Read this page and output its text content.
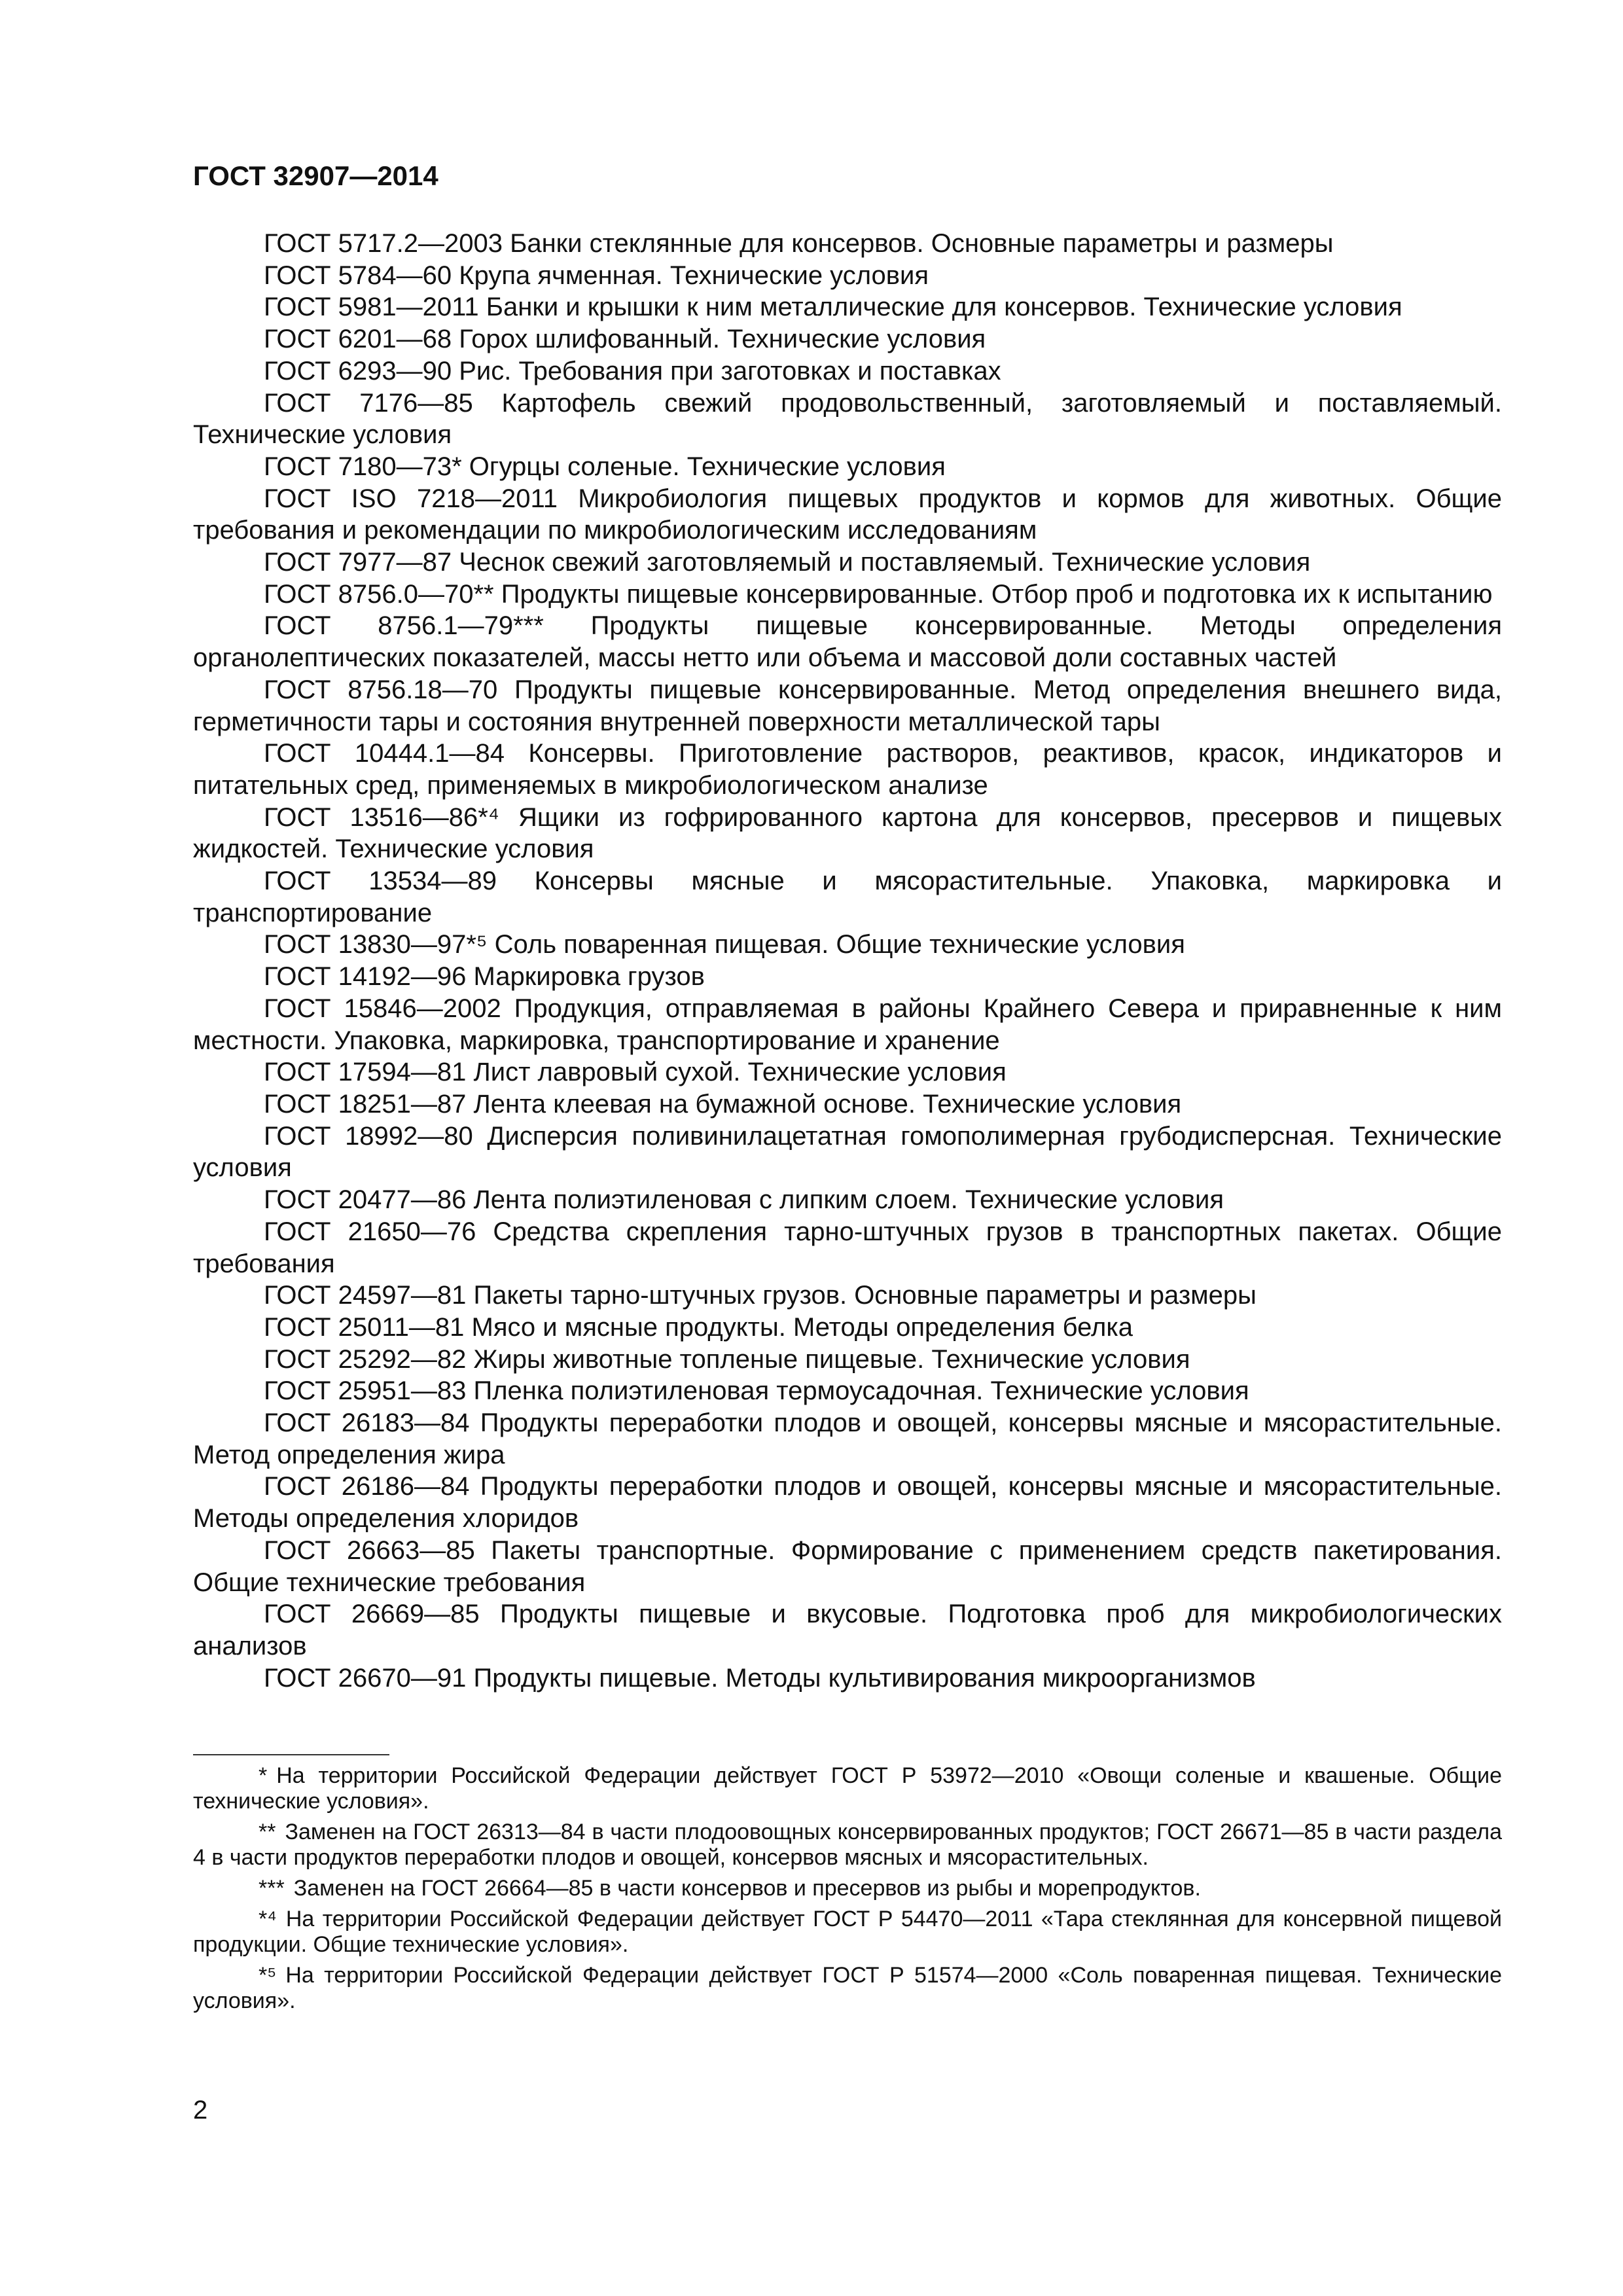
ГОСТ 32907—2014

ГОСТ 5717.2—2003 Банки стеклянные для консервов. Основные параметры и размеры

ГОСТ 5784—60 Крупа ячменная. Технические условия

ГОСТ 5981—2011 Банки и крышки к ним металлические для консервов. Технические условия

ГОСТ 6201—68 Горох шлифованный. Технические условия

ГОСТ 6293—90 Рис. Требования при заготовках и поставках

ГОСТ 7176—85 Картофель свежий продовольственный, заготовляемый и поставляемый. Технические условия

ГОСТ 7180—73* Огурцы соленые. Технические условия

ГОСТ ISO 7218—2011 Микробиология пищевых продуктов и кормов для животных. Общие требования и рекомендации по микробиологическим исследованиям

ГОСТ 7977—87 Чеснок свежий заготовляемый и поставляемый. Технические условия

ГОСТ 8756.0—70** Продукты пищевые консервированные. Отбор проб и подготовка их к испытанию

ГОСТ 8756.1—79*** Продукты пищевые консервированные. Методы определения органолептических показателей, массы нетто или объема и массовой доли составных частей

ГОСТ 8756.18—70 Продукты пищевые консервированные. Метод определения внешнего вида, герметичности тары и состояния внутренней поверхности металлической тары

ГОСТ 10444.1—84 Консервы. Приготовление растворов, реактивов, красок, индикаторов и питательных сред, применяемых в микробиологическом анализе

ГОСТ 13516—86*⁴ Ящики из гофрированного картона для консервов, пресервов и пищевых жидкостей. Технические условия

ГОСТ 13534—89 Консервы мясные и мясорастительные. Упаковка, маркировка и транспортирование

ГОСТ 13830—97*⁵ Соль поваренная пищевая. Общие технические условия

ГОСТ 14192—96 Маркировка грузов

ГОСТ 15846—2002 Продукция, отправляемая в районы Крайнего Севера и приравненные к ним местности. Упаковка, маркировка, транспортирование и хранение

ГОСТ 17594—81 Лист лавровый сухой. Технические условия

ГОСТ 18251—87 Лента клеевая на бумажной основе. Технические условия

ГОСТ 18992—80 Дисперсия поливинилацетатная гомополимерная грубодисперсная. Технические условия

ГОСТ 20477—86 Лента полиэтиленовая с липким слоем. Технические условия

ГОСТ 21650—76 Средства скрепления тарно-штучных грузов в транспортных пакетах. Общие требования

ГОСТ 24597—81 Пакеты тарно-штучных грузов. Основные параметры и размеры

ГОСТ 25011—81 Мясо и мясные продукты. Методы определения белка

ГОСТ 25292—82 Жиры животные топленые пищевые. Технические условия

ГОСТ 25951—83 Пленка полиэтиленовая термоусадочная. Технические условия

ГОСТ 26183—84 Продукты переработки плодов и овощей, консервы мясные и мясорастительные. Метод определения жира

ГОСТ 26186—84 Продукты переработки плодов и овощей, консервы мясные и мясорастительные. Методы определения хлоридов

ГОСТ 26663—85 Пакеты транспортные. Формирование с применением средств пакетирования. Общие технические требования

ГОСТ 26669—85 Продукты пищевые и вкусовые. Подготовка проб для микробиологических анализов

ГОСТ 26670—91 Продукты пищевые. Методы культивирования микроорганизмов

* На территории Российской Федерации действует ГОСТ Р 53972—2010 «Овощи соленые и квашеные. Общие технические условия».

** Заменен на ГОСТ 26313—84 в части плодоовощных консервированных продуктов; ГОСТ 26671—85 в части раздела 4 в части продуктов переработки плодов и овощей, консервов мясных и мясорастительных.

*** Заменен на ГОСТ 26664—85 в части консервов и пресервов из рыбы и морепродуктов.

*⁴ На территории Российской Федерации действует ГОСТ Р 54470—2011 «Тара стеклянная для консервной пищевой продукции. Общие технические условия».

*⁵ На территории Российской Федерации действует ГОСТ Р 51574—2000 «Соль поваренная пищевая. Технические условия».

2
